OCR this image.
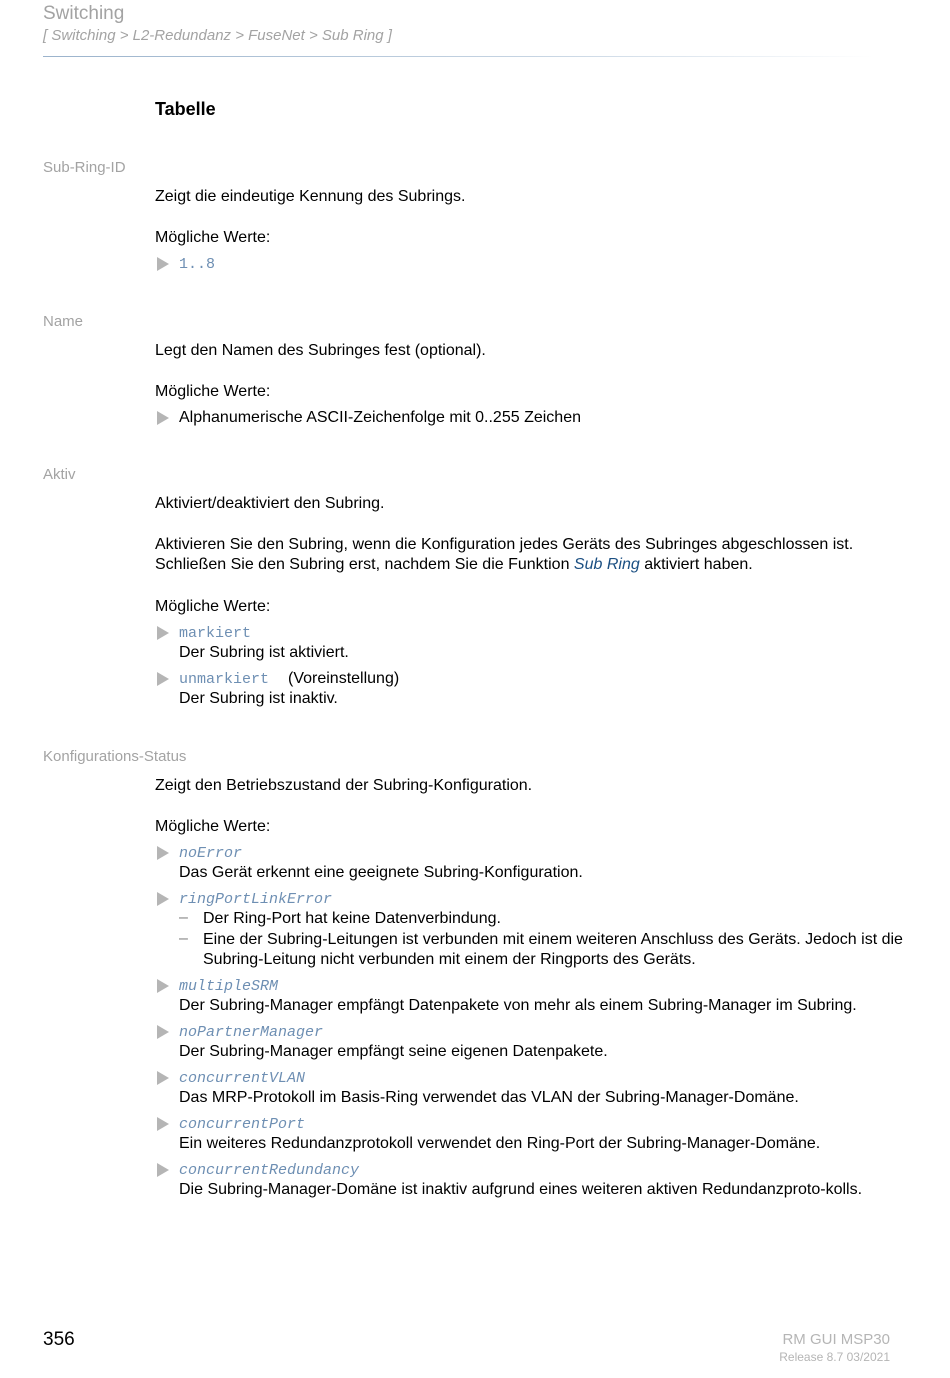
Switching
[ Switching > L2-Redundanz > FuseNet > Sub Ring ]
Tabelle
Sub-Ring-ID
Zeigt die eindeutige Kennung des Subrings.
Mögliche Werte:
1..8
Name
Legt den Namen des Subringes fest (optional).
Mögliche Werte:
Alphanumerische ASCII-Zeichenfolge mit 0..255 Zeichen
Aktiv
Aktiviert/deaktiviert den Subring.
Aktivieren Sie den Subring, wenn die Konfiguration jedes Geräts des Subringes abgeschlossen ist. Schließen Sie den Subring erst, nachdem Sie die Funktion Sub Ring aktiviert haben.
Mögliche Werte:
markiert
Der Subring ist aktiviert.
unmarkiert (Voreinstellung)
Der Subring ist inaktiv.
Konfigurations-Status
Zeigt den Betriebszustand der Subring-Konfiguration.
Mögliche Werte:
noError
Das Gerät erkennt eine geeignete Subring-Konfiguration.
ringPortLinkError
– Der Ring-Port hat keine Datenverbindung.
– Eine der Subring-Leitungen ist verbunden mit einem weiteren Anschluss des Geräts. Jedoch ist die Subring-Leitung nicht verbunden mit einem der Ringports des Geräts.
multipleSRM
Der Subring-Manager empfängt Datenpakete von mehr als einem Subring-Manager im Subring.
noPartnerManager
Der Subring-Manager empfängt seine eigenen Datenpakete.
concurrentVLAN
Das MRP-Protokoll im Basis-Ring verwendet das VLAN der Subring-Manager-Domäne.
concurrentPort
Ein weiteres Redundanzprotokoll verwendet den Ring-Port der Subring-Manager-Domäne.
concurrentRedundancy
Die Subring-Manager-Domäne ist inaktiv aufgrund eines weiteren aktiven Redundanzproto-kolls.
356	RM GUI MSP30
Release 8.7 03/2021
